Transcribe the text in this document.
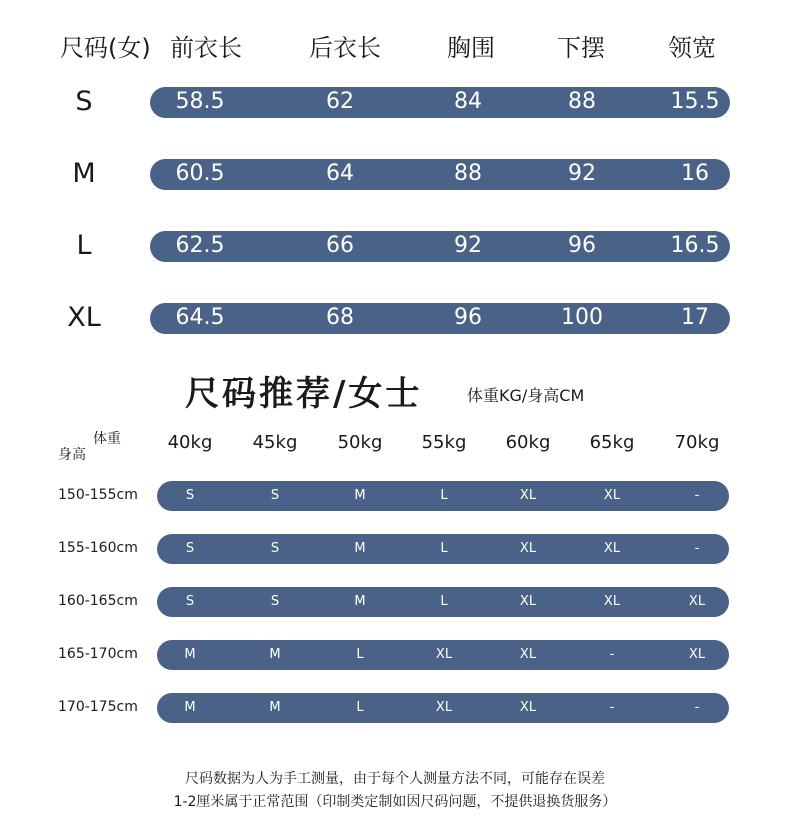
尺码(女) 前衣长	后衣长	胸围	下摆	领宽
S	58.5	62	84	88	15.5
M	60.5	64	88	92	16
L	62.5	66	92	96	16.5
XL	64.5	68	96	100	17
尺码推荐/女士	体重KG/身高CM
体重
身高
40kg	45kg	50kg	55kg	60kg	65kg	70kg
150-155cm	S	S	M	L	XL	XL	-
155-160cm	S	S	M	L	XL	XL	-
160-165cm	S	S	M	L	XL	XL	XL
165-170cm	M	M	L	XL	XL	-	XL
170-175cm	M	M	L	XL	XL	-	-
尺码数据为人为手工测量，由于每个人测量方法不同，可能存在误差
1-2厘米属于正常范围（印制类定制如因尺码问题，不提供退换货服务）
